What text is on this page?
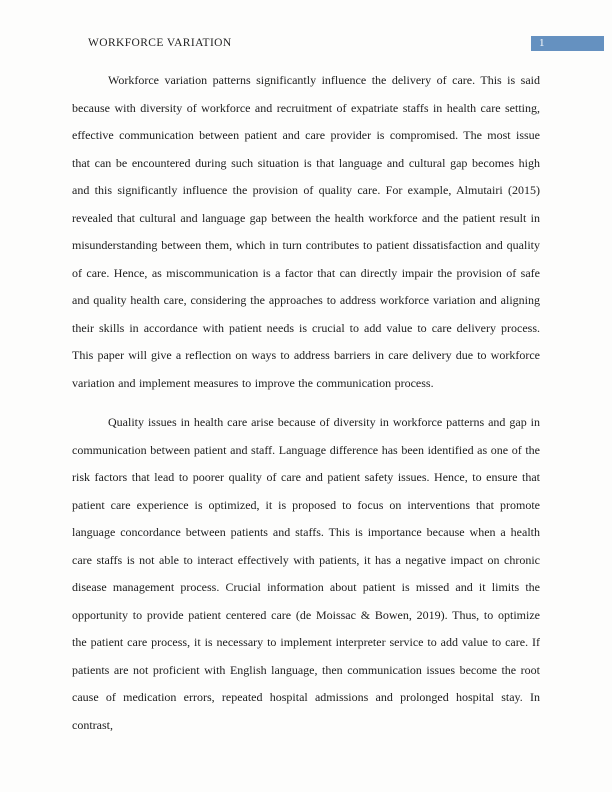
WORKFORCE VARIATION	1

Workforce variation patterns significantly influence the delivery of care. This is said because with diversity of workforce and recruitment of expatriate staffs in health care setting, effective communication between patient and care provider is compromised. The most issue that can be encountered during such situation is that language and cultural gap becomes high and this significantly influence the provision of quality care. For example, Almutairi (2015) revealed that cultural and language gap between the health workforce and the patient result in misunderstanding between them, which in turn contributes to patient dissatisfaction and quality of care. Hence, as miscommunication is a factor that can directly impair the provision of safe and quality health care, considering the approaches to address workforce variation and aligning their skills in accordance with patient needs is crucial to add value to care delivery process. This paper will give a reflection on ways to address barriers in care delivery due to workforce variation and implement measures to improve the communication process.

Quality issues in health care arise because of diversity in workforce patterns and gap in communication between patient and staff. Language difference has been identified as one of the risk factors that lead to poorer quality of care and patient safety issues. Hence, to ensure that patient care experience is optimized, it is proposed to focus on interventions that promote language concordance between patients and staffs. This is importance because when a health care staffs is not able to interact effectively with patients, it has a negative impact on chronic disease management process. Crucial information about patient is missed and it limits the opportunity to provide patient centered care (de Moissac & Bowen, 2019). Thus, to optimize the patient care process, it is necessary to implement interpreter service to add value to care. If patients are not proficient with English language, then communication issues become the root cause of medication errors, repeated hospital admissions and prolonged hospital stay. In contrast,
